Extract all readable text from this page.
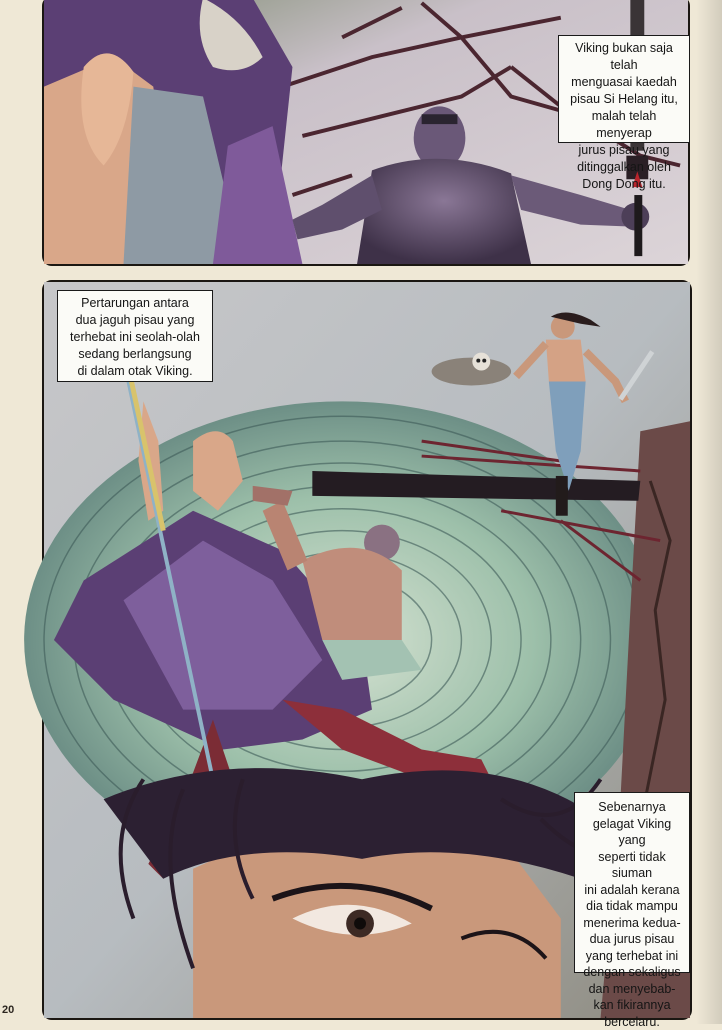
Viking bukan saja telah
menguasai kaedah
pisau Si Helang itu,
malah telah menyerap
jurus pisau yang
ditinggalkan oleh
Dong Dong itu.
Pertarungan antara
dua jaguh pisau yang
terhebat ini seolah-olah
sedang berlangsung
di dalam otak Viking.
Sebenarnya
gelagat Viking yang
seperti tidak siuman
ini adalah kerana
dia tidak mampu
menerima kedua-
dua jurus pisau
yang terhebat ini
dengan sekaligus
dan menyebab-
kan fikirannya
bercelaru.
20
